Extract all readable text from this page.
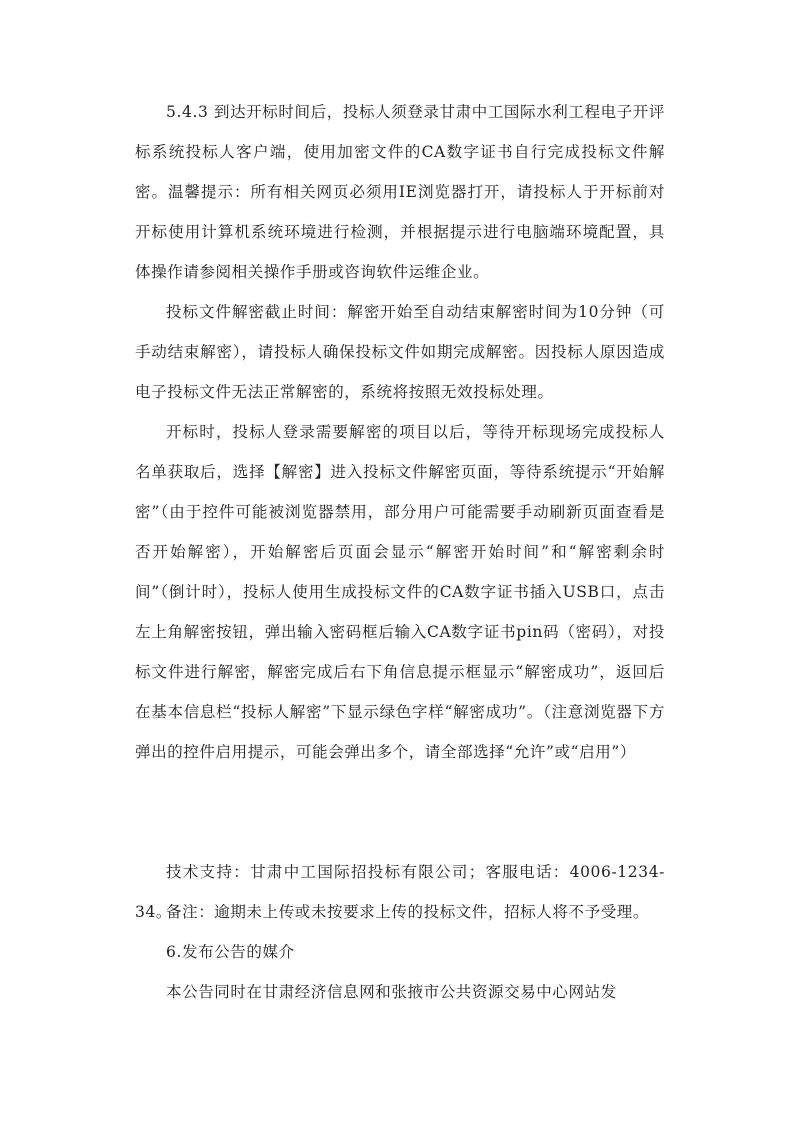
5.4.3 到达开标时间后，投标人须登录甘肃中工国际水利工程电子开评标系统投标人客户端，使用加密文件的CA数字证书自行完成投标文件解密。温馨提示：所有相关网页必须用IE浏览器打开，请投标人于开标前对开标使用计算机系统环境进行检测，并根据提示进行电脑端环境配置，具体操作请参阅相关操作手册或咨询软件运维企业。

投标文件解密截止时间：解密开始至自动结束解密时间为10分钟（可手动结束解密），请投标人确保投标文件如期完成解密。因投标人原因造成电子投标文件无法正常解密的，系统将按照无效投标处理。

开标时，投标人登录需要解密的项目以后，等待开标现场完成投标人名单获取后，选择【解密】进入投标文件解密页面，等待系统提示“开始解密”（由于控件可能被浏览器禁用，部分用户可能需要手动刷新页面查看是否开始解密），开始解密后页面会显示“解密开始时间”和“解密剩余时间”（倒计时），投标人使用生成投标文件的CA数字证书插入USB口，点击左上角解密按钮，弹出输入密码框后输入CA数字证书pin码（密码），对投标文件进行解密，解密完成后右下角信息提示框显示“解密成功”，返回后在基本信息栏“投标人解密”下显示绿色字样“解密成功”。（注意浏览器下方弹出的控件启用提示，可能会弹出多个，请全部选择“允许”或“启用”）

技术支持：甘肃中工国际招投标有限公司；客服电话：4006-1234-34。

备注：逾期未上传或未按要求上传的投标文件，招标人将不予受理。

6.发布公告的媒介

本公告同时在甘肃经济信息网和张掖市公共资源交易中心网站发
